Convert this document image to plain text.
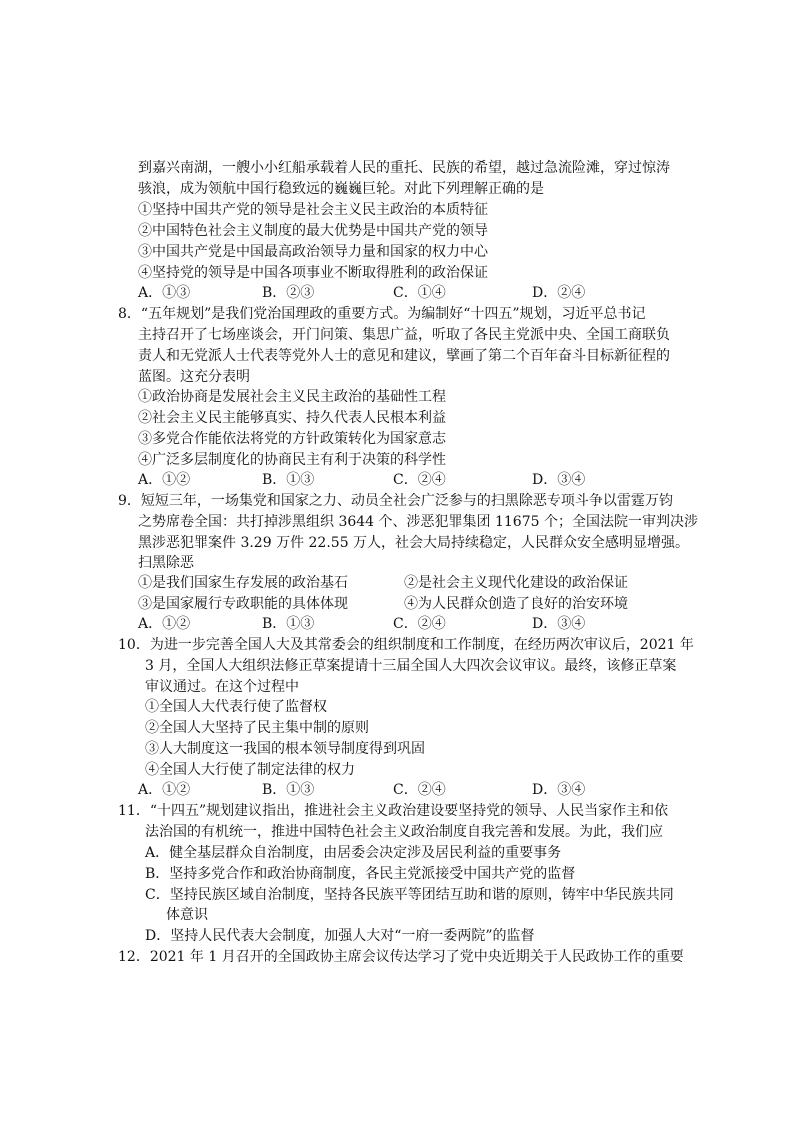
到嘉兴南湖，一艘小小红船承载着人民的重托、民族的希望，越过急流险滩，穿过惊涛
骇浪，成为领航中国行稳致远的巍巍巨轮。对此下列理解正确的是
①坚持中国共产党的领导是社会主义民主政治的本质特征
②中国特色社会主义制度的最大优势是中国共产党的领导
③中国共产党是中国最高政治领导力量和国家的权力中心
④坚持党的领导是中国各项事业不断取得胜利的政治保证
A．①③	B．②③	C．①④	D．②④
8．“五年规划”是我们党治国理政的重要方式。为编制好“十四五”规划，习近平总书记
主持召开了七场座谈会，开门问策、集思广益，听取了各民主党派中央、全国工商联负
责人和无党派人士代表等党外人士的意见和建议，擘画了第二个百年奋斗目标新征程的
蓝图。这充分表明
①政治协商是发展社会主义民主政治的基础性工程
②社会主义民主能够真实、持久代表人民根本利益
③多党合作能依法将党的方针政策转化为国家意志
④广泛多层制度化的协商民主有利于决策的科学性
A．①②	B．①③	C．②④	D．③④
9．短短三年，一场集党和国家之力、动员全社会广泛参与的扫黑除恶专项斗争以雷霆万钧
之势席卷全国：共打掉涉黑组织 3644 个、涉恶犯罪集团 11675 个；全国法院一审判决涉
黑涉恶犯罪案件 3.29 万件 22.55 万人，社会大局持续稳定，人民群众安全感明显增强。
扫黑除恶
①是我们国家生存发展的政治基石	②是社会主义现代化建设的政治保证
③是国家履行专政职能的具体体现	④为人民群众创造了良好的治安环境
A．①②	B．①③	C．②④	D．③④
10．为进一步完善全国人大及其常委会的组织制度和工作制度，在经历两次审议后，2021 年
3 月，全国人大组织法修正草案提请十三届全国人大四次会议审议。最终，该修正草案
审议通过。在这个过程中
①全国人大代表行使了监督权
②全国人大坚持了民主集中制的原则
③人大制度这一我国的根本领导制度得到巩固
④全国人大行使了制定法律的权力
A．①②	B．①③	C．②④	D．③④
11．“十四五”规划建议指出，推进社会主义政治建设要坚持党的领导、人民当家作主和依
法治国的有机统一，推进中国特色社会主义政治制度自我完善和发展。为此，我们应
A．健全基层群众自治制度，由居委会决定涉及居民利益的重要事务
B．坚持多党合作和政治协商制度，各民主党派接受中国共产党的监督
C．坚持民族区域自治制度，坚持各民族平等团结互助和谐的原则，铸牢中华民族共同
体意识
D．坚持人民代表大会制度，加强人大对“一府一委两院”的监督
12．2021 年 1 月召开的全国政协主席会议传达学习了党中央近期关于人民政协工作的重要
